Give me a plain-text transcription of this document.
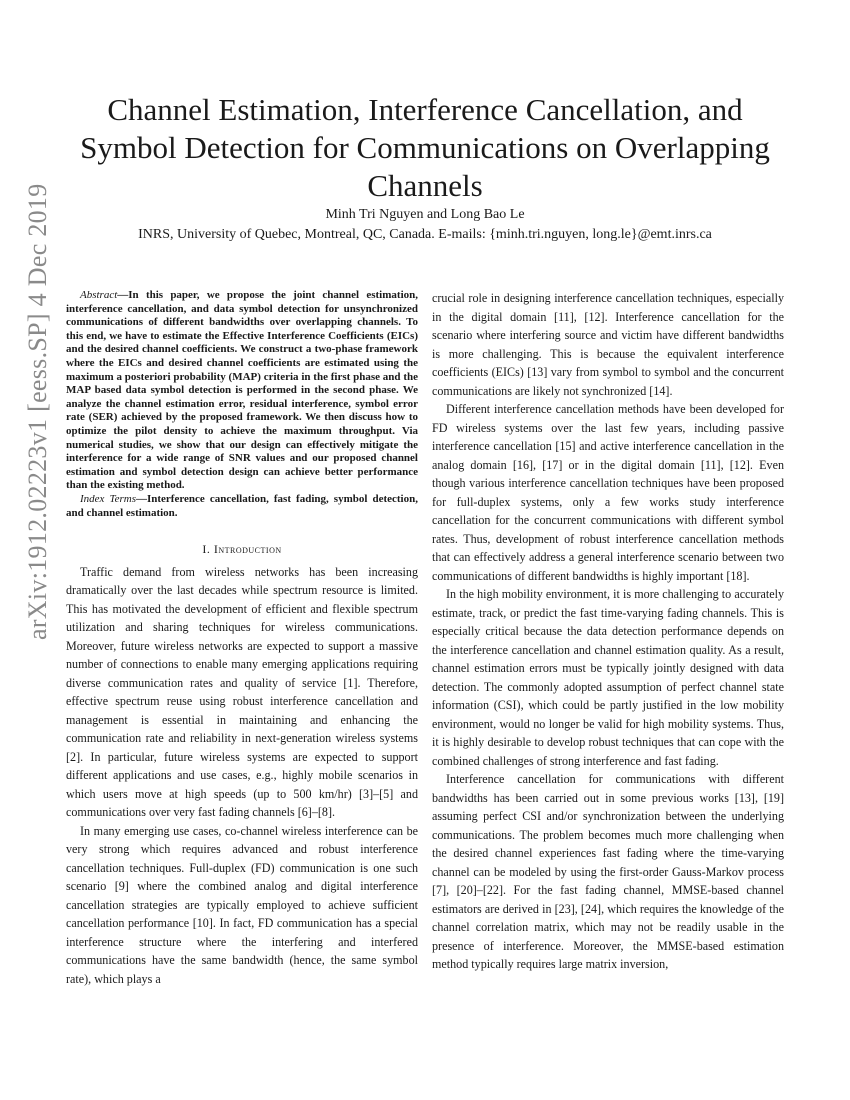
arXiv:1912.02223v1 [eess.SP] 4 Dec 2019
Channel Estimation, Interference Cancellation, and Symbol Detection for Communications on Overlapping Channels
Minh Tri Nguyen and Long Bao Le
INRS, University of Quebec, Montreal, QC, Canada. E-mails: {minh.tri.nguyen, long.le}@emt.inrs.ca

Abstract—In this paper, we propose the joint channel estimation, interference cancellation, and data symbol detection for unsynchronized communications of different bandwidths over overlapping channels. To this end, we have to estimate the Effective Interference Coefficients (EICs) and the desired channel coefficients. We construct a two-phase framework where the EICs and desired channel coefficients are estimated using the maximum a posteriori probability (MAP) criteria in the first phase and the MAP based data symbol detection is performed in the second phase. We analyze the channel estimation error, residual interference, symbol error rate (SER) achieved by the proposed framework. We then discuss how to optimize the pilot density to achieve the maximum throughput. Via numerical studies, we show that our design can effectively mitigate the interference for a wide range of SNR values and our proposed channel estimation and symbol detection design can achieve better performance than the existing method.

Index Terms—Interference cancellation, fast fading, symbol detection, and channel estimation.

I. Introduction

Traffic demand from wireless networks has been increasing dramatically over the last decades while spectrum resource is limited. This has motivated the development of efficient and flexible spectrum utilization and sharing techniques for wireless communications. Moreover, future wireless networks are expected to support a massive number of connections to enable many emerging applications requiring diverse communication rates and quality of service [1]. Therefore, effective spectrum reuse using robust interference cancellation and management is essential in maintaining and enhancing the communication rate and reliability in next-generation wireless systems [2]. In particular, future wireless systems are expected to support different applications and use cases, e.g., highly mobile scenarios in which users move at high speeds (up to 500 km/hr) [3]–[5] and communications over very fast fading channels [6]–[8].

In many emerging use cases, co-channel wireless interference can be very strong which requires advanced and robust interference cancellation techniques. Full-duplex (FD) communication is one such scenario [9] where the combined analog and digital interference cancellation strategies are typically employed to achieve sufficient cancellation performance [10]. In fact, FD communication has a special interference structure where the interfering and interfered communications have the same bandwidth (hence, the same symbol rate), which plays a

crucial role in designing interference cancellation techniques, especially in the digital domain [11], [12]. Interference cancellation for the scenario where interfering source and victim have different bandwidths is more challenging. This is because the equivalent interference coefficients (EICs) [13] vary from symbol to symbol and the concurrent communications are likely not synchronized [14].

Different interference cancellation methods have been developed for FD wireless systems over the last few years, including passive interference cancellation [15] and active interference cancellation in the analog domain [16], [17] or in the digital domain [11], [12]. Even though various interference cancellation techniques have been proposed for full-duplex systems, only a few works study interference cancellation for the concurrent communications with different symbol rates. Thus, development of robust interference cancellation methods that can effectively address a general interference scenario between two communications of different bandwidths is highly important [18].

In the high mobility environment, it is more challenging to accurately estimate, track, or predict the fast time-varying fading channels. This is especially critical because the data detection performance depends on the interference cancellation and channel estimation quality. As a result, channel estimation errors must be typically jointly designed with data detection. The commonly adopted assumption of perfect channel state information (CSI), which could be partly justified in the low mobility environment, would no longer be valid for high mobility systems. Thus, it is highly desirable to develop robust techniques that can cope with the combined challenges of strong interference and fast fading.

Interference cancellation for communications with different bandwidths has been carried out in some previous works [13], [19] assuming perfect CSI and/or synchronization between the underlying communications. The problem becomes much more challenging when the desired channel experiences fast fading where the time-varying channel can be modeled by using the first-order Gauss-Markov process [7], [20]–[22]. For the fast fading channel, MMSE-based channel estimators are derived in [23], [24], which requires the knowledge of the channel correlation matrix, which may not be readily usable in the presence of interference. Moreover, the MMSE-based estimation method typically requires large matrix inversion,
